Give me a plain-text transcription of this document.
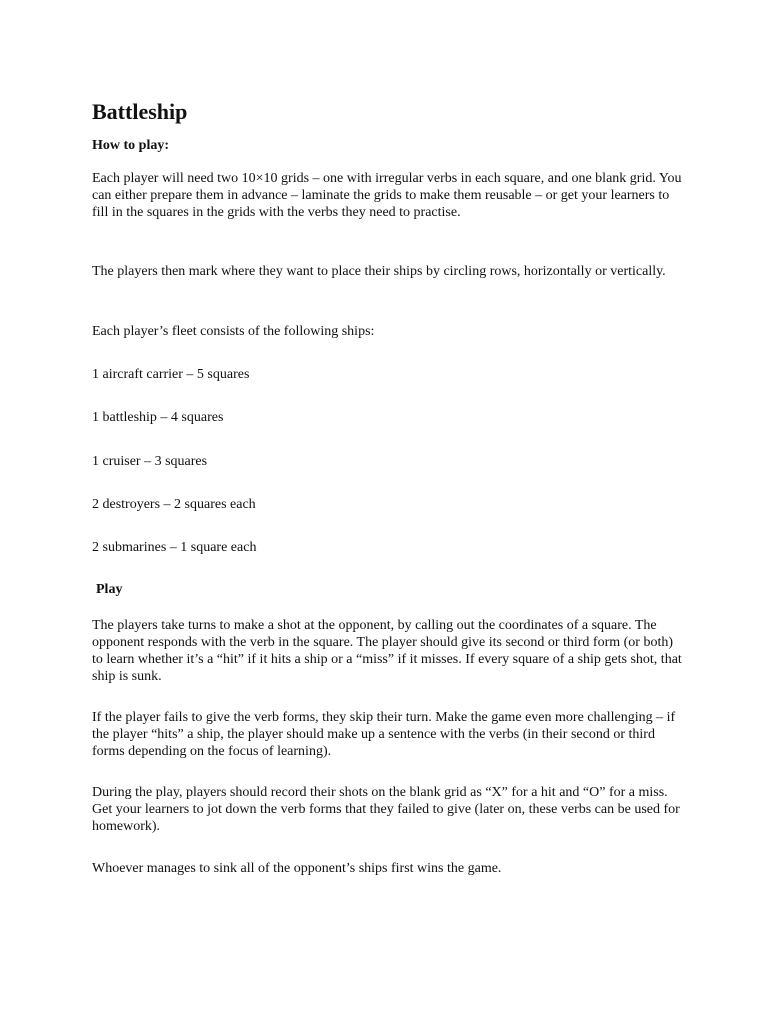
Battleship

How to play:

Each player will need two 10×10 grids – one with irregular verbs in each square, and one blank grid. You can either prepare them in advance – laminate the grids to make them reusable – or get your learners to fill in the squares in the grids with the verbs they need to practise.

The players then mark where they want to place their ships by circling rows, horizontally or vertically.

Each player’s fleet consists of the following ships:

1 aircraft carrier – 5 squares

1 battleship – 4 squares

1 cruiser – 3 squares

2 destroyers – 2 squares each

2 submarines – 1 square each

Play

The players take turns to make a shot at the opponent, by calling out the coordinates of a square. The opponent responds with the verb in the square. The player should give its second or third form (or both) to learn whether it’s a “hit” if it hits a ship or a “miss” if it misses. If every square of a ship gets shot, that ship is sunk.

If the player fails to give the verb forms, they skip their turn. Make the game even more challenging – if the player “hits” a ship, the player should make up a sentence with the verbs (in their second or third forms depending on the focus of learning).

During the play, players should record their shots on the blank grid as “X” for a hit and “O” for a miss. Get your learners to jot down the verb forms that they failed to give (later on, these verbs can be used for homework).

Whoever manages to sink all of the opponent’s ships first wins the game.
